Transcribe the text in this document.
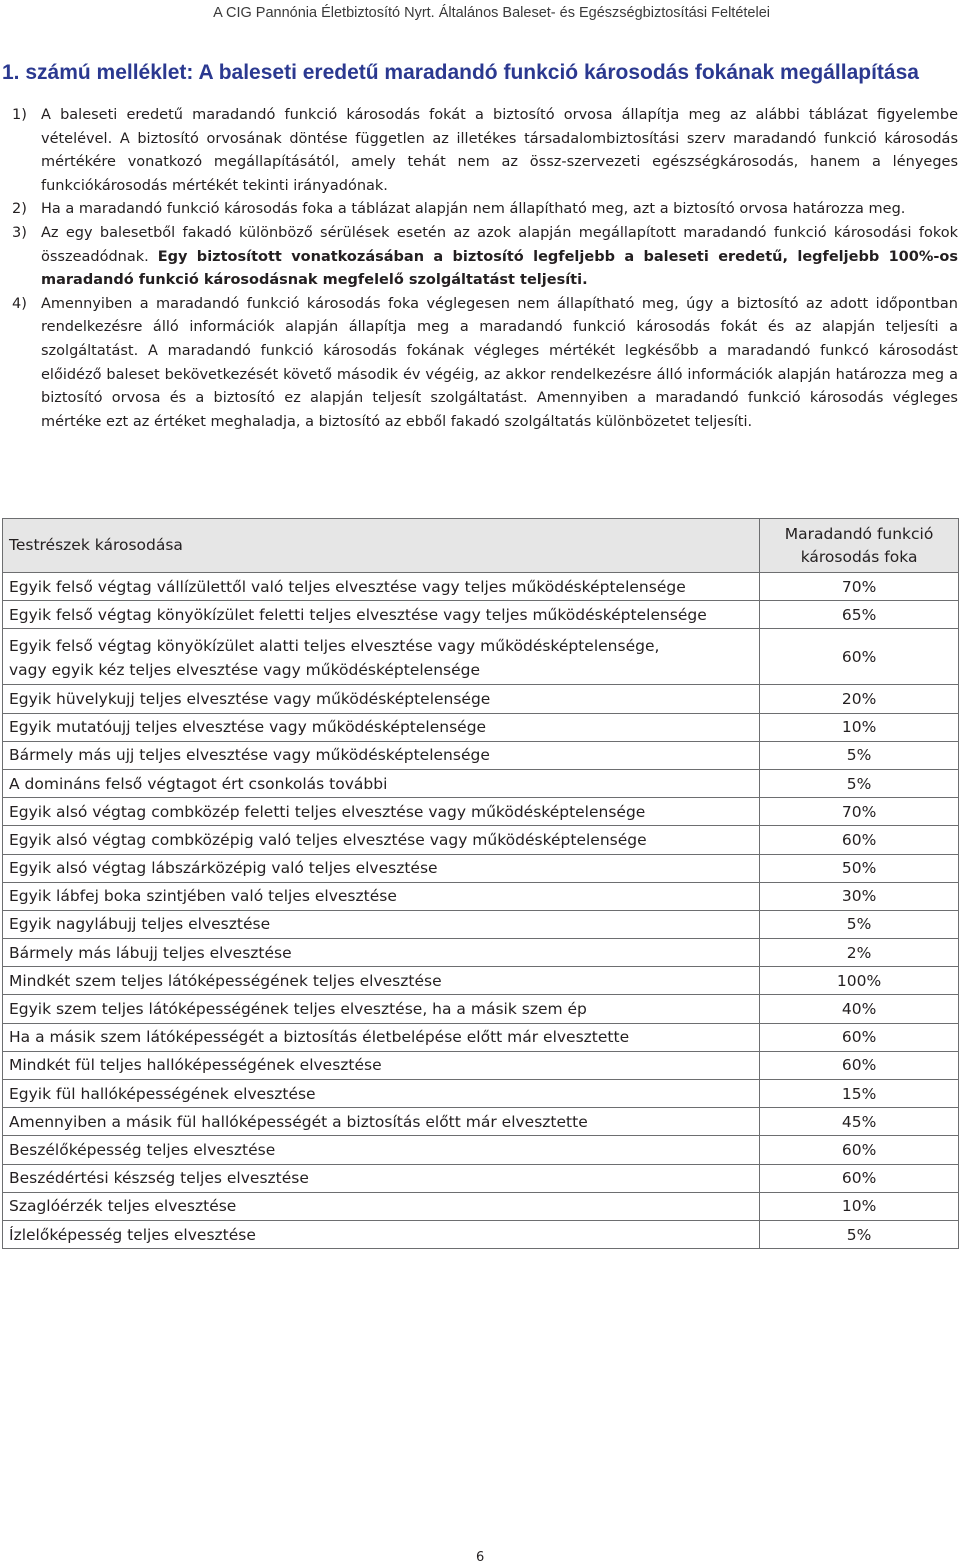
A CIG Pannónia Életbiztosító Nyrt. Általános Baleset- és Egészségbiztosítási Feltételei
1. számú melléklet: A baleseti eredetű maradandó funkció károsodás fokának megállapítása

1) A baleseti eredetű maradandó funkció károsodás fokát a biztosító orvosa állapítja meg az alábbi táblázat figyelembe vételével. A biztosító orvosának döntése független az illetékes társadalombiztosítási szerv maradandó funkció károsodás mértékére vonatkozó megállapításától, amely tehát nem az össz-szervezeti egészségkárosodás, hanem a lényeges funkciókárosodás mértékét tekinti irányadónak.

2) Ha a maradandó funkció károsodás foka a táblázat alapján nem állapítható meg, azt a biztosító orvosa határozza meg.

3) Az egy balesetből fakadó különböző sérülések esetén az azok alapján megállapított maradandó funkció károsodási fokok összeadódnak. Egy biztosított vonatkozásában a biztosító legfeljebb a baleseti eredetű, legfeljebb 100%-os maradandó funkció károsodásnak megfelelő szolgáltatást teljesíti.

4) Amennyiben a maradandó funkció károsodás foka véglegesen nem állapítható meg, úgy a biztosító az adott időpontban rendelkezésre álló információk alapján állapítja meg a maradandó funkció károsodás fokát és az alapján teljesíti a szolgáltatást. A maradandó funkció károsodás fokának végleges mértékét legkésőbb a maradandó funkcó károsodást előidéző baleset bekövetkezését követő második év végéig, az akkor rendelkezésre álló információk alapján határozza meg a biztosító orvosa és a biztosító ez alapján teljesít szolgáltatást. Amennyiben a maradandó funkció károsodás végleges mértéke ezt az értéket meghaladja, a biztosító az ebből fakadó szolgáltatás különbözetet teljesíti.

Testrészek károsodása	Maradandó funkció
károsodás foka
Egyik felső végtag vállízülettől való teljes elvesztése vagy teljes működésképtelensége	70%
Egyik felső végtag könyökízület feletti teljes elvesztése vagy teljes működésképtelensége	65%
Egyik felső végtag könyökízület alatti teljes elvesztése vagy működésképtelensége,
vagy egyik kéz teljes elvesztése vagy működésképtelensége	60%
Egyik hüvelykujj teljes elvesztése vagy működésképtelensége	20%
Egyik mutatóujj teljes elvesztése vagy működésképtelensége	10%
Bármely más ujj teljes elvesztése vagy működésképtelensége	5%
A domináns felső végtagot ért csonkolás további	5%
Egyik alsó végtag combközép feletti teljes elvesztése vagy működésképtelensége	70%
Egyik alsó végtag combközépig való teljes elvesztése vagy működésképtelensége	60%
Egyik alsó végtag lábszárközépig való teljes elvesztése	50%
Egyik lábfej boka szintjében való teljes elvesztése	30%
Egyik nagylábujj teljes elvesztése	5%
Bármely más lábujj teljes elvesztése	2%
Mindkét szem teljes látóképességének teljes elvesztése	100%
Egyik szem teljes látóképességének teljes elvesztése, ha a másik szem ép	40%
Ha a másik szem látóképességét a biztosítás életbelépése előtt már elvesztette	60%
Mindkét fül teljes hallóképességének elvesztése	60%
Egyik fül hallóképességének elvesztése	15%
Amennyiben a másik fül hallóképességét a biztosítás előtt már elvesztette	45%
Beszélőképesség teljes elvesztése	60%
Beszédértési készség teljes elvesztése	60%
Szaglóérzék teljes elvesztése	10%
Ízlelőképesség teljes elvesztése	5%
6
